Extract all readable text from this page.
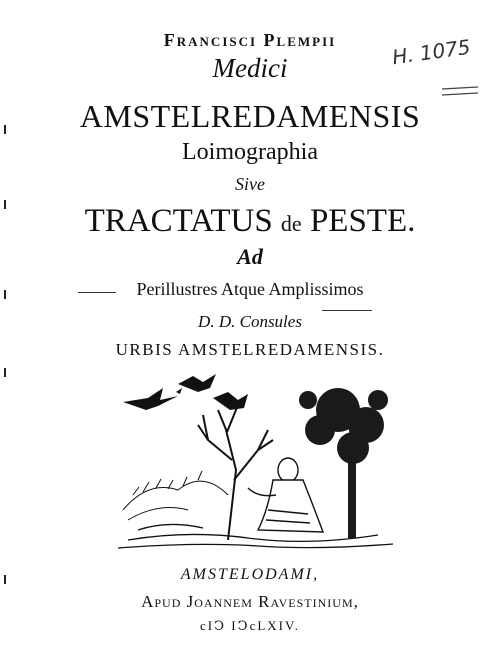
Francisci Plempii
Medici
AMSTELREDAMENSIS
Loimographia
Sive
TRACTATUS de PESTE.
Ad
Perillustres Atque Amplissimos
D. D. Consules
URBIS AMSTELREDAMENSIS.
H. 1075
AMSTELODAMI,
Apud Joannem Ravestinium,
cIↃ IↃcLXIV.
